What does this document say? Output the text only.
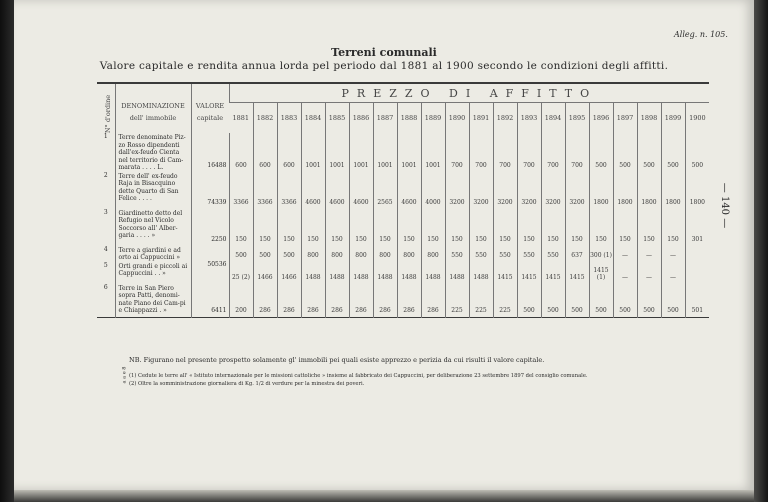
Alleg. n. 105.
Terreni comunali
Valore capitale e rendita annua lorda pel periodo dal 1881 al 1900 secondo le condizioni degli affitti.
N° d'ordine	DENOMINAZIONE
dell' immobile	VALORE
capitale	PREZZO DI AFFITTO																			
			1881	1882	1883	1884	1885	1886	1887	1888	1889	1890	1891	1892	1893	1894	1895	1896	1897	1898	1899	1900
1	Terre denominate Piz-zo Rosso dipendenti dall'ex-feudo Cienta nel territorio di Cam-marata . . . . L.	16488	600	600	600	1001	1001	1001	1001	1001	1001	700	700	700	700	700	700	500	500	500	500	500
2	Terre dell' ex-feudo Raja in Bisacquino dette Quarto di San Felice . . . .	74339	3366	3366	3366	4600	4600	4600	2565	4600	4000	3200	3200	3200	3200	3200	3200	1800	1800	1800	1800	1800
3	Giardinetto detto del Refugio nel Vicolo Soccorso all' Alber-garia . . . . »	2250	150	150	150	150	150	150	150	150	150	150	150	150	150	150	150	150	150	150	150	301
4	Terre a giardini e ad orto ai Cappuccini »	50536	500	500	500	800	800	800	800	800	800	550	550	550	550	550	637	300 (1)	—	—	—	
5	Orti grandi e piccoli ai Cappuccini . . »		25 (2)	1466	1466	1488	1488	1488	1488	1488	1488	1488	1488	1415	1415	1415	1415	1415 (1)	—	—	—	
6	Terre in San Piero sopra Patti, denomi-nate Piano dei Cam-pi e Chiappazzi . »	6411	200	286	286	286	286	286	286	286	286	225	225	225	500	500	500	500	500	500	500	501
NB. Figurano nel presente prospetto solamente gl' immobili pei quali esiste apprezzo e perizia da cui risulti il valore capitale.
(1) Cedute le terre all' « Istituto internazionale per le missioni cattoliche » insieme al fabbricato dei Cappuccini, per deliberazione 23 settembre 1897 del consiglio comunale.
(2) Oltre la somministrazione giornaliera di Kg. 1/2 di verdure per la minestra dei poveri.
a a e 8
— 140 —
